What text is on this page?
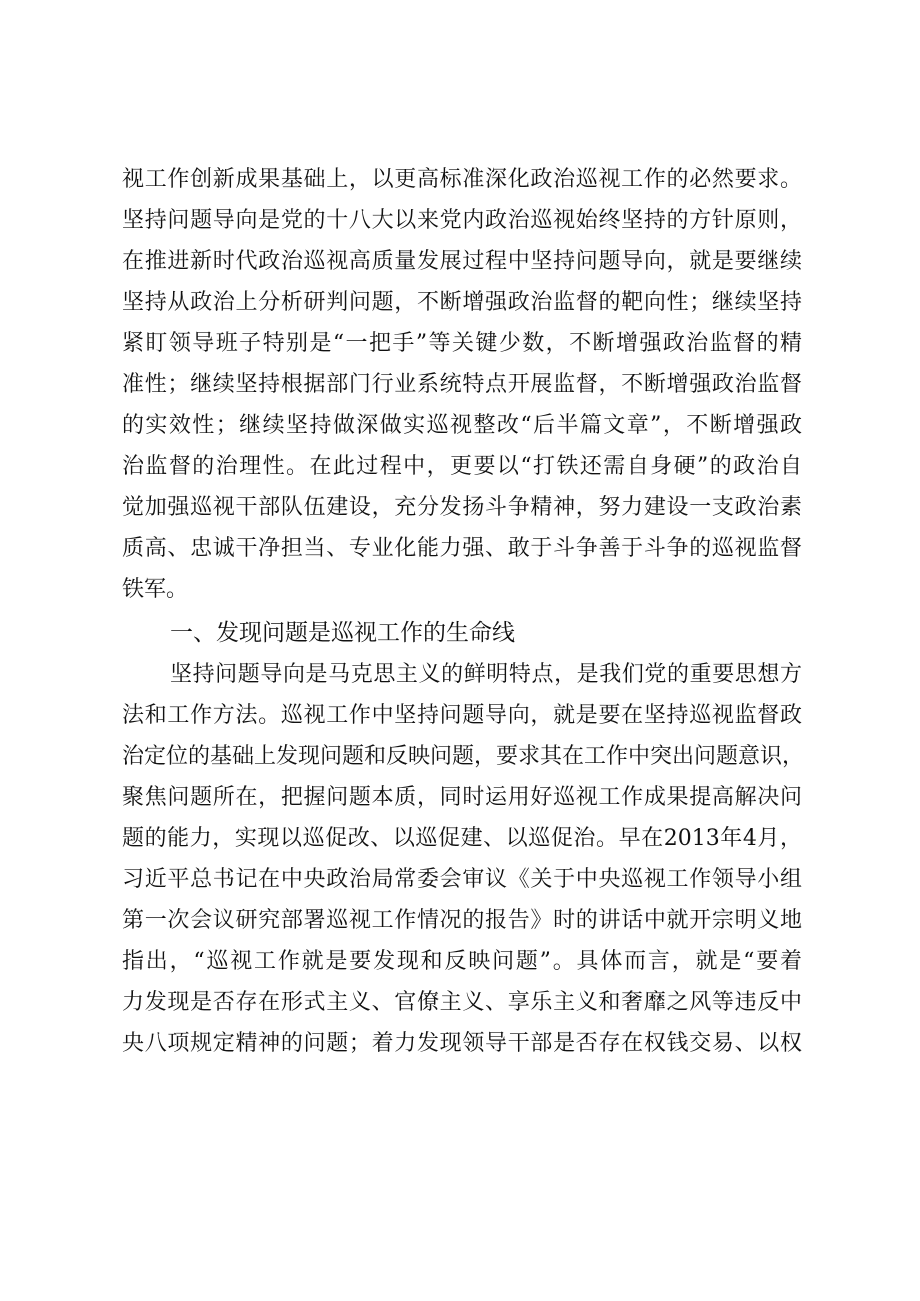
视工作创新成果基础上，以更高标准深化政治巡视工作的必然要求。
坚持问题导向是党的十八大以来党内政治巡视始终坚持的方针原则，
在推进新时代政治巡视高质量发展过程中坚持问题导向，就是要继续
坚持从政治上分析研判问题，不断增强政治监督的靶向性；继续坚持
紧盯领导班子特别是“一把手”等关键少数，不断增强政治监督的精
准性；继续坚持根据部门行业系统特点开展监督，不断增强政治监督
的实效性；继续坚持做深做实巡视整改“后半篇文章”，不断增强政
治监督的治理性。在此过程中，更要以“打铁还需自身硬”的政治自
觉加强巡视干部队伍建设，充分发扬斗争精神，努力建设一支政治素
质高、忠诚干净担当、专业化能力强、敢于斗争善于斗争的巡视监督
铁军。
一、发现问题是巡视工作的生命线
坚持问题导向是马克思主义的鲜明特点，是我们党的重要思想方
法和工作方法。巡视工作中坚持问题导向，就是要在坚持巡视监督政
治定位的基础上发现问题和反映问题，要求其在工作中突出问题意识，
聚焦问题所在，把握问题本质，同时运用好巡视工作成果提高解决问
题的能力，实现以巡促改、以巡促建、以巡促治。早在2013年4月，
习近平总书记在中央政治局常委会审议《关于中央巡视工作领导小组
第一次会议研究部署巡视工作情况的报告》时的讲话中就开宗明义地
指出，“巡视工作就是要发现和反映问题”。具体而言，就是“要着
力发现是否存在形式主义、官僚主义、享乐主义和奢靡之风等违反中
央八项规定精神的问题；着力发现领导干部是否存在权钱交易、以权
